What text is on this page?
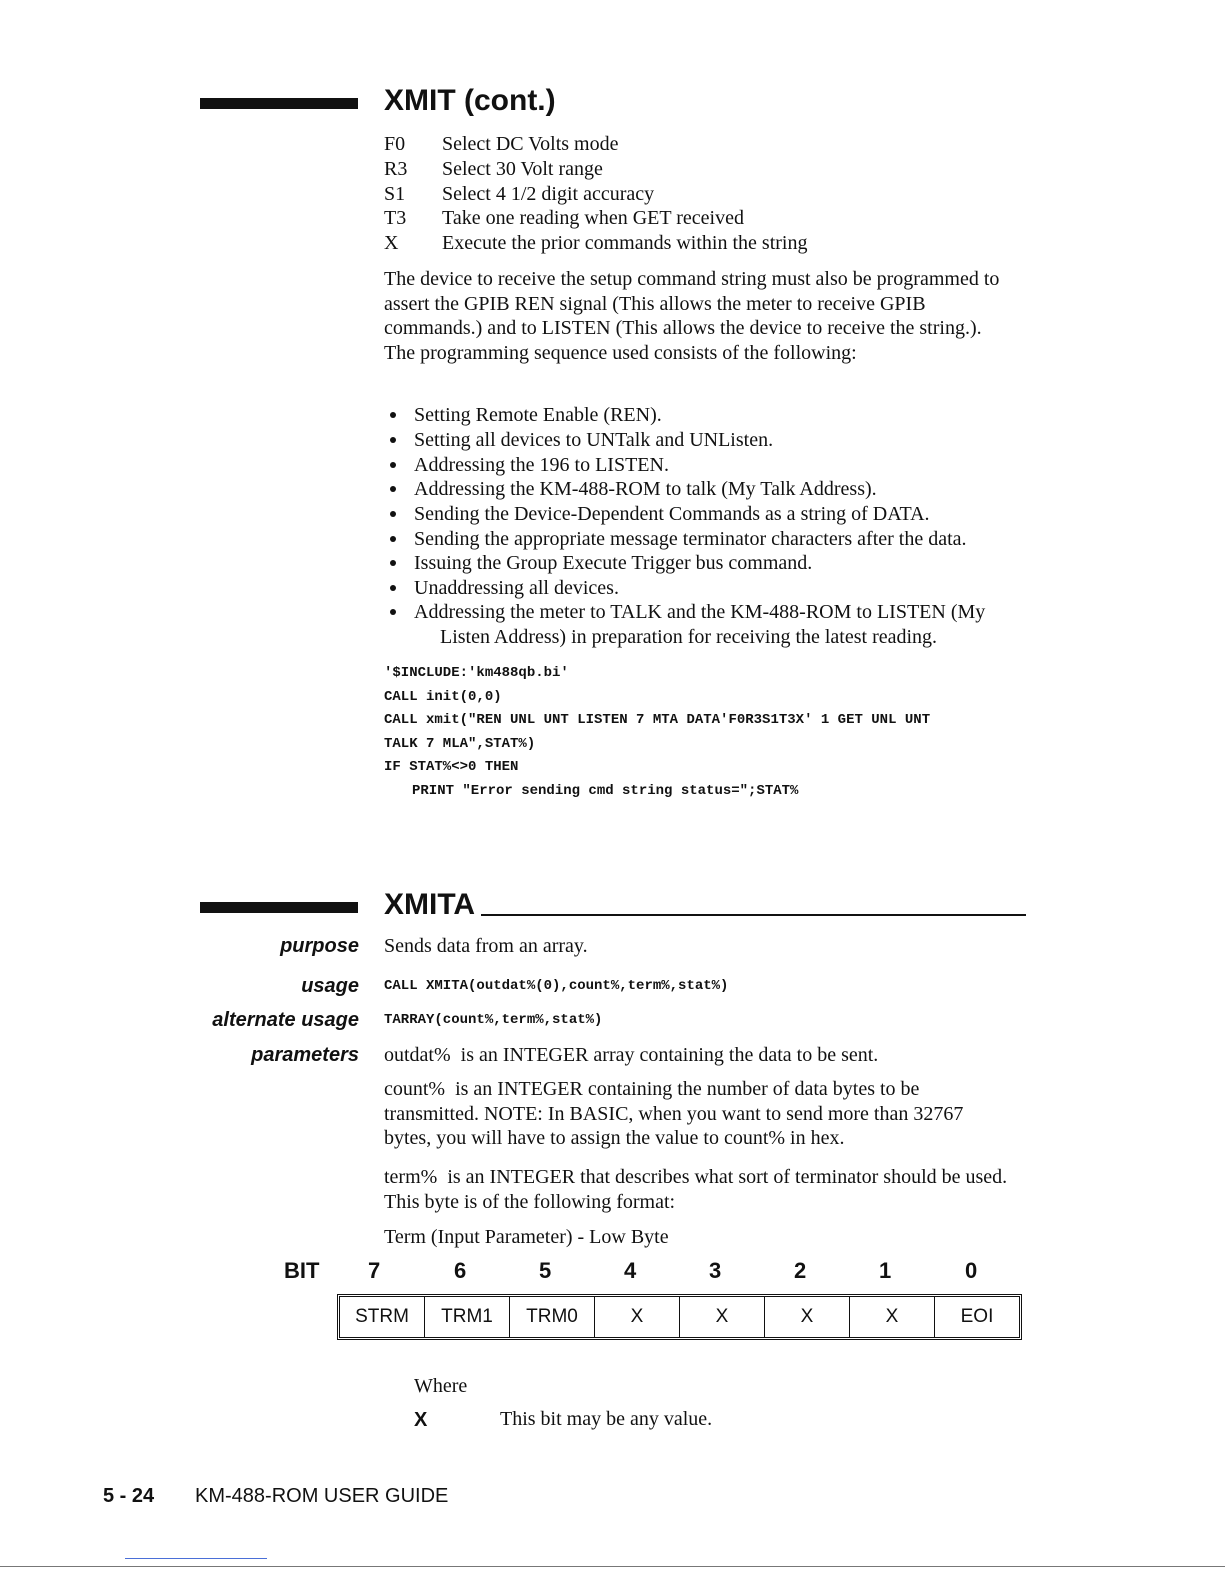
XMIT (cont.)
F0 Select DC Volts mode
R3 Select 30 Volt range
S1 Select 4 1/2 digit accuracy
T3 Take one reading when GET received
X Execute the prior commands within the string
The device to receive the setup command string must also be programmed to assert the GPIB REN signal (This allows the meter to receive GPIB commands.) and to LISTEN (This allows the device to receive the string.). The programming sequence used consists of the following:
Setting Remote Enable (REN).
Setting all devices to UNTalk and UNListen.
Addressing the 196 to LISTEN.
Addressing the KM-488-ROM to talk (My Talk Address).
Sending the Device-Dependent Commands as a string of DATA.
Sending the appropriate message terminator characters after the data.
Issuing the Group Execute Trigger bus command.
Unaddressing all devices.
Addressing the meter to TALK and the KM-488-ROM to LISTEN (My
Listen Address) in preparation for receiving the latest reading.
'$INCLUDE:'km488qb.bi'
CALL init(0,0)
CALL xmit("REN UNL UNT LISTEN 7 MTA DATA'F0R3S1T3X' 1 GET UNL UNT
TALK 7 MLA",STAT%)
IF STAT%<>0 THEN
PRINT "Error sending cmd string status=";STAT%
XMITA
purpose Sends data from an array.
usage CALL XMITA(outdat%(0),count%,term%,stat%)
alternate usage TARRAY(count%,term%,stat%)
parameters outdat% is an INTEGER array containing the data to be sent.
count% is an INTEGER containing the number of data bytes to be transmitted. NOTE: In BASIC, when you want to send more than 32767 bytes, you will have to assign the value to count% in hex.
term% is an INTEGER that describes what sort of terminator should be used. This byte is of the following format:
Term (Input Parameter) - Low Byte
BIT 7	6	5	4	3	2	1	0
STRM	TRM1	TRM0	X	X	X	X	EOI
Where
X	This bit may be any value.
5 - 24 KM-488-ROM USER GUIDE
